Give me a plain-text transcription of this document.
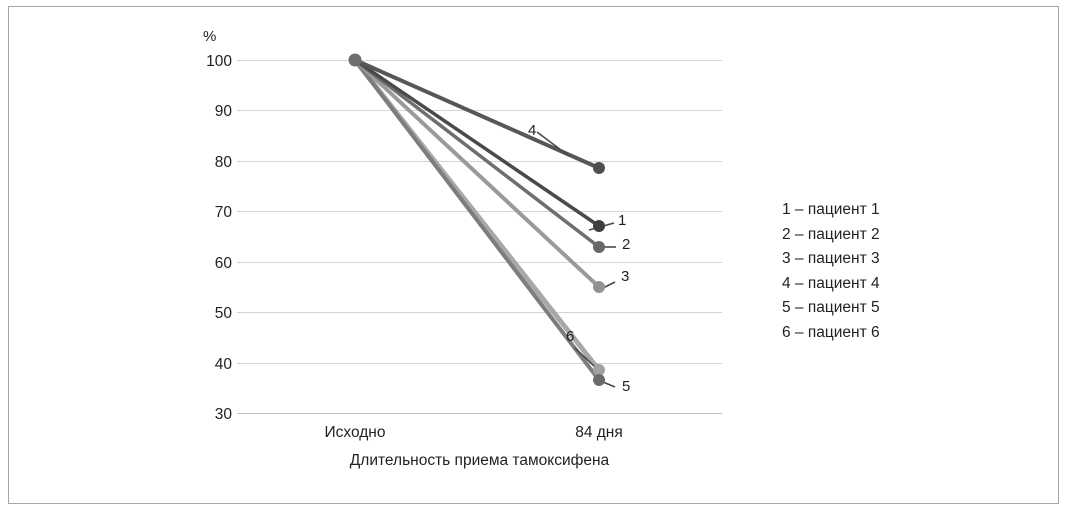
%
100
90
80
70
60
50
40
30
4
1
2
3
6
5
Исходно	84 дня
Длительность приема тамоксифена
1 – пациент 1
2 – пациент 2
3 – пациент 3
4 – пациент 4
5 – пациент 5
6 – пациент 6
